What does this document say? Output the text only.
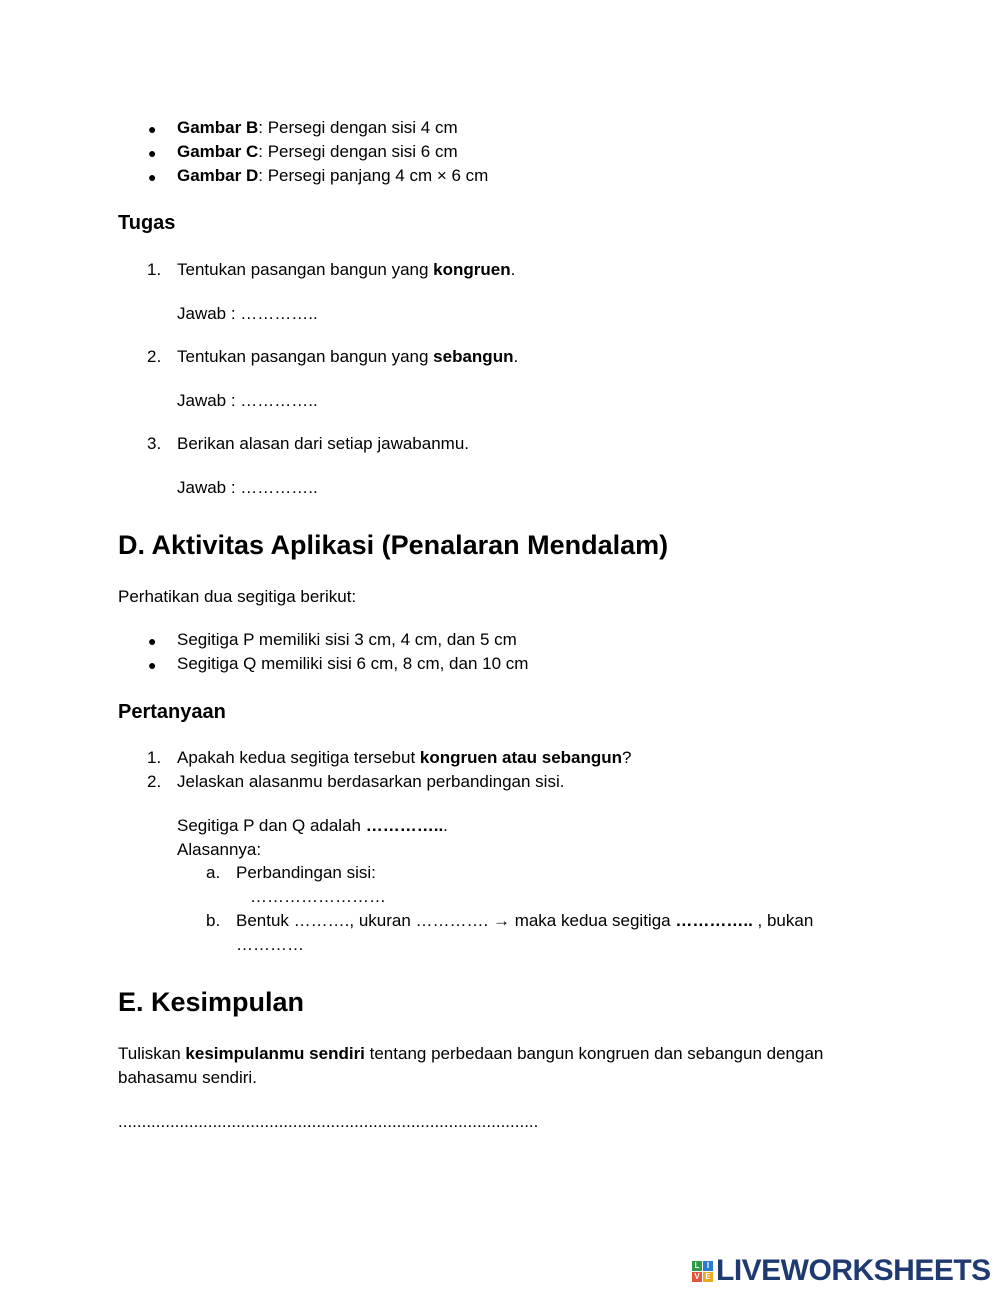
● Gambar B: Persegi dengan sisi 4 cm
● Gambar C: Persegi dengan sisi 6 cm
● Gambar D: Persegi panjang 4 cm × 6 cm
Tugas
1. Tentukan pasangan bangun yang kongruen.
Jawab : …………..
2. Tentukan pasangan bangun yang sebangun.
Jawab : …………..
3. Berikan alasan dari setiap jawabanmu.
Jawab : …………..
D. Aktivitas Aplikasi (Penalaran Mendalam)
Perhatikan dua segitiga berikut:
● Segitiga P memiliki sisi 3 cm, 4 cm, dan 5 cm
● Segitiga Q memiliki sisi 6 cm, 8 cm, dan 10 cm
Pertanyaan
1. Apakah kedua segitiga tersebut kongruen atau sebangun?
2. Jelaskan alasanmu berdasarkan perbandingan sisi.
Segitiga P dan Q adalah …………...
Alasannya:
a. Perbandingan sisi:
……………………
b. Bentuk ………., ukuran …………. → maka kedua segitiga ………….. , bukan
…………
E. Kesimpulan
Tuliskan kesimpulanmu sendiri tentang perbedaan bangun kongruen dan sebangun dengan
bahasamu sendiri.
.........................................................................................
L I
V E LIVEWORKSHEETS
